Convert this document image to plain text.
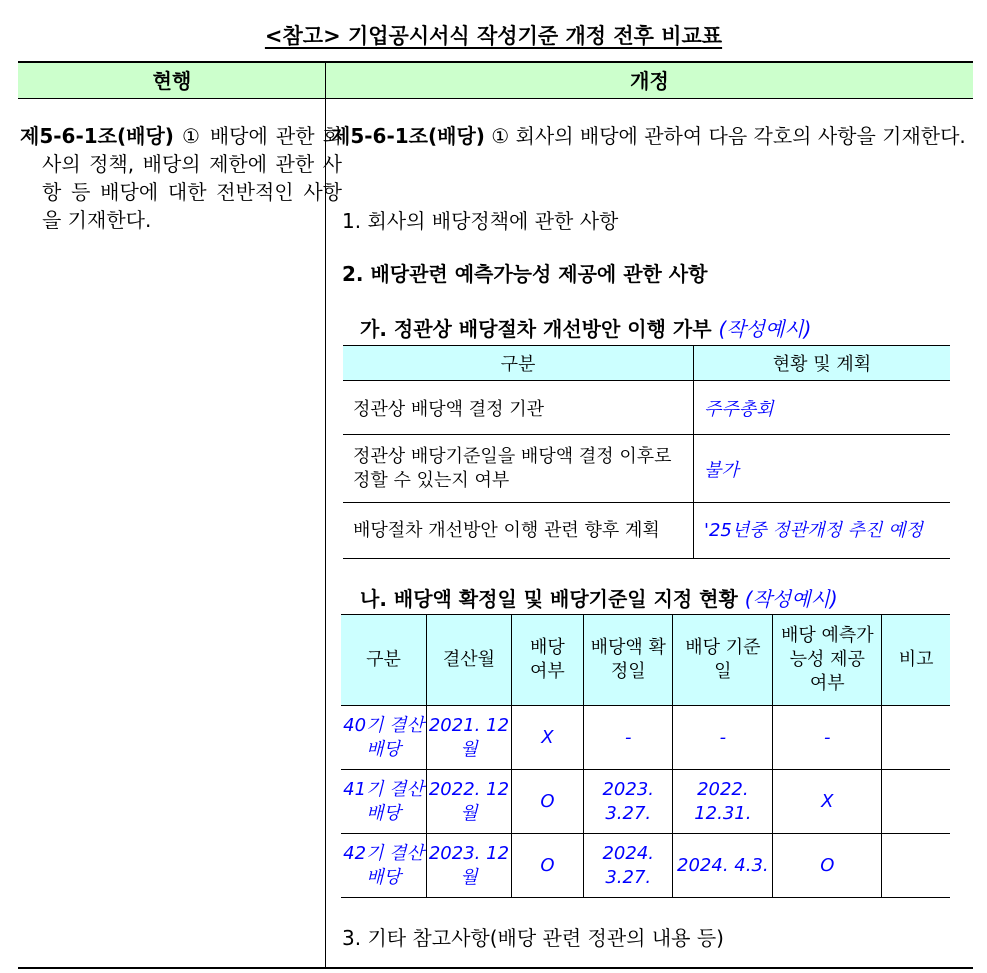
<참고> 기업공시서식 작성기준 개정 전후 비교표
현행	개정
제5-6-1조(배당) ① 배당에 관한 회사의 정책, 배당의 제한에 관한 사항 등 배당에 대한 전반적인 사항을 기재한다.
제5-6-1조(배당) ① 회사의 배당에 관하여 다음 각호의 사항을 기재한다.
1. 회사의 배당정책에 관한 사항
2. 배당관련 예측가능성 제공에 관한 사항
가. 정관상 배당절차 개선방안 이행 가부 (작성예시)
구분	현황 및 계획
정관상 배당액 결정 기관	주주총회
정관상 배당기준일을 배당액 결정 이후로 정할 수 있는지 여부	불가
배당절차 개선방안 이행 관련 향후 계획	'25년중 정관개정 추진 예정
나. 배당액 확정일 및 배당기준일 지정 현황 (작성예시)
구분	결산월	배당 여부	배당액 확정일	배당 기준일	배당 예측가능성 제공 여부	비고
40기 결산배당	2021. 12월	X	-	-	-	
41기 결산배당	2022. 12월	O	2023. 3.27.	2022. 12.31.	X	
42기 결산배당	2023. 12월	O	2024. 3.27.	2024. 4.3.	O	
3. 기타 참고사항(배당 관련 정관의 내용 등)
